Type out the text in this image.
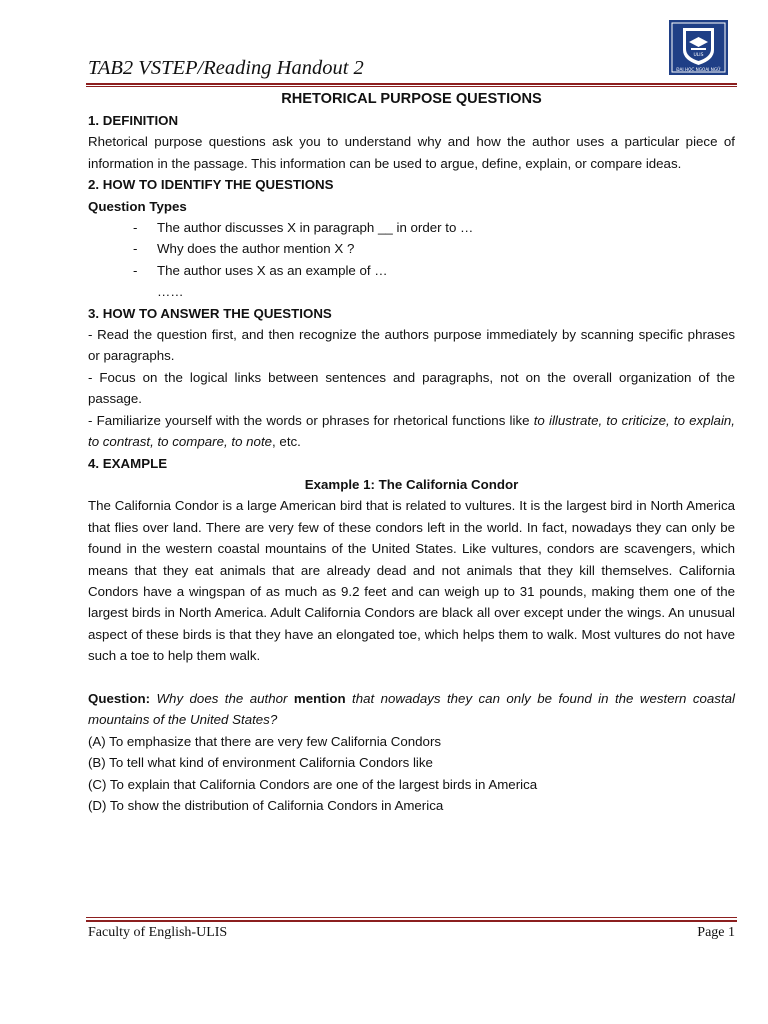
TAB2 VSTEP/Reading Handout 2
ULIS
ĐẠI HỌC NGOẠI NGỮ

RHETORICAL PURPOSE QUESTIONS

1. DEFINITION

Rhetorical purpose questions ask you to understand why and how the author uses a particular piece of information in the passage. This information can be used to argue, define, explain, or compare ideas.

2. HOW TO IDENTIFY THE QUESTIONS

Question Types

- The author discusses X in paragraph __ in order to …
- Why does the author mention X ?
- The author uses X as an example of …
……

3. HOW TO ANSWER THE QUESTIONS

- Read the question first, and then recognize the authors purpose immediately by scanning specific phrases or paragraphs.

- Focus on the logical links between sentences and paragraphs, not on the overall organization of the passage.

- Familiarize yourself with the words or phrases for rhetorical functions like to illustrate, to criticize, to explain, to contrast, to compare, to note, etc.

4. EXAMPLE

Example 1: The California Condor

The California Condor is a large American bird that is related to vultures. It is the largest bird in North America that flies over land. There are very few of these condors left in the world. In fact, nowadays they can only be found in the western coastal mountains of the United States. Like vultures, condors are scavengers, which means that they eat animals that are already dead and not animals that they kill themselves. California Condors have a wingspan of as much as 9.2 feet and can weigh up to 31 pounds, making them one of the largest birds in North America. Adult California Condors are black all over except under the wings. An unusual aspect of these birds is that they have an elongated toe, which helps them to walk. Most vultures do not have such a toe to help them walk.

Question: Why does the author mention that nowadays they can only be found in the western coastal mountains of the United States?

(A) To emphasize that there are very few California Condors

(B) To tell what kind of environment California Condors like

(C) To explain that California Condors are one of the largest birds in America

(D) To show the distribution of California Condors in America

Faculty of English-ULIS	Page 1
